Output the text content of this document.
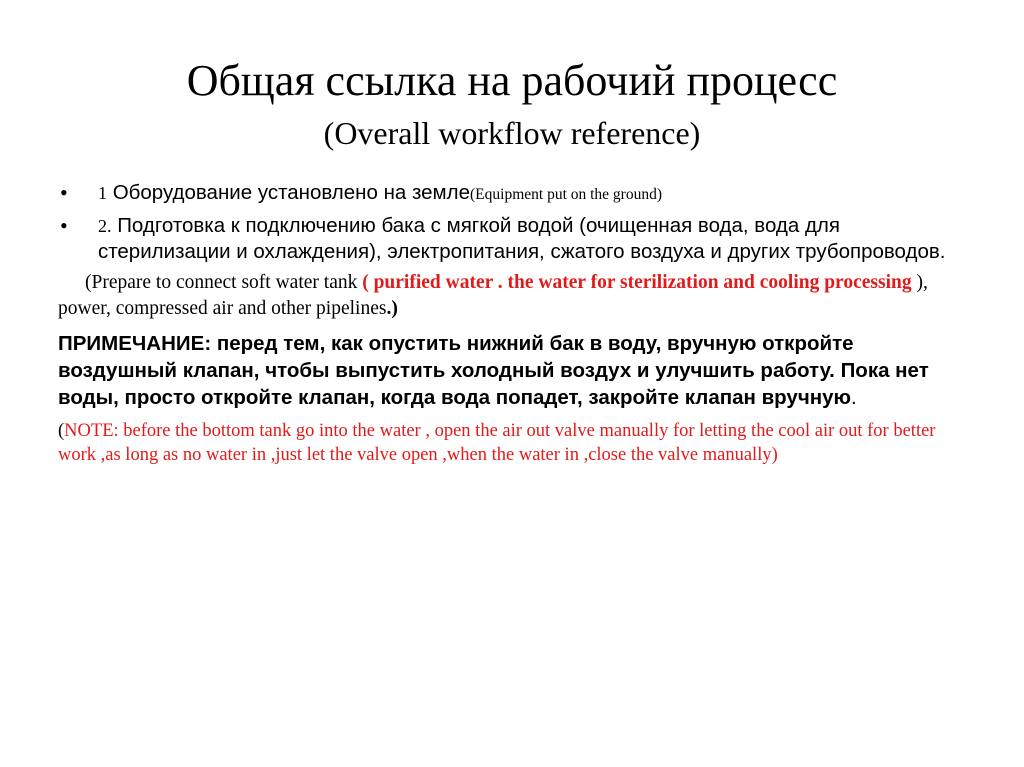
Общая ссылка на рабочий процесс
(Overall workflow reference)
• 1 Оборудование установлено на земле(Equipment put on the ground)
• 2. Подготовка к подключению бака с мягкой водой (очищенная вода, вода для стерилизации и охлаждения), электропитания, сжатого воздуха и других трубопроводов.
(Prepare to connect soft water tank ( purified water . the water for sterilization and cooling processing ), power, compressed air and other pipelines.)
ПРИМЕЧАНИЕ: перед тем, как опустить нижний бак в воду, вручную откройте воздушный клапан, чтобы выпустить холодный воздух и улучшить работу. Пока нет воды, просто откройте клапан, когда вода попадет, закройте клапан вручную.
(NOTE: before the bottom tank go into the water , open the air out valve manually for letting the cool air out for better work ,as long as no water in ,just let the valve open ,when the water in ,close the valve manually)
